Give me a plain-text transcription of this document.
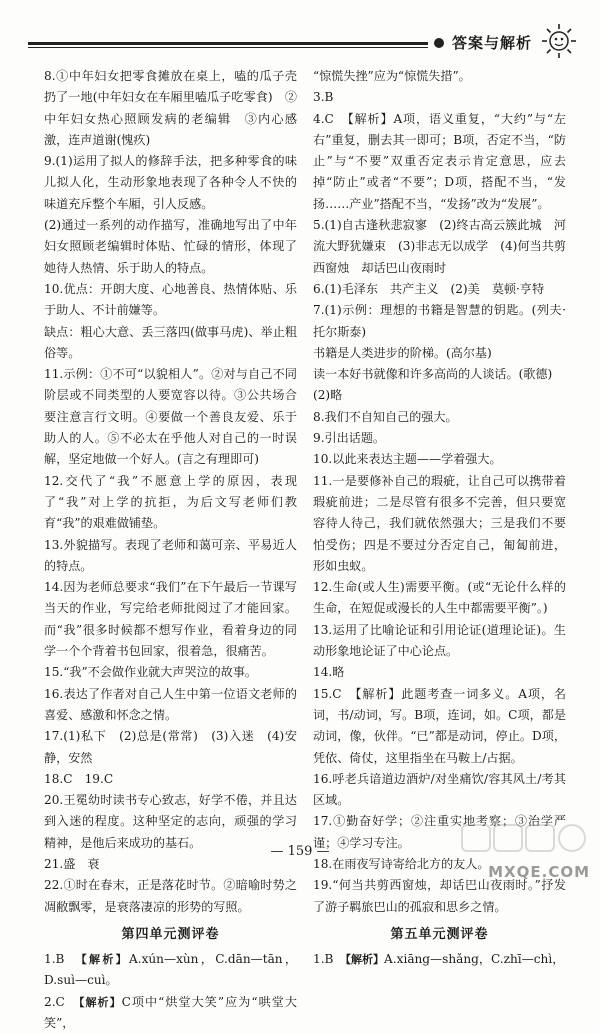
答案与解析

8.①中年妇女把零食摊放在桌上，嗑的瓜子壳扔了一地(中年妇女在车厢里嗑瓜子吃零食)　②中年妇女热心照顾发病的老编辑　③内心感激，连声道谢(愧疚)

9.(1)运用了拟人的修辞手法，把多种零食的味儿拟人化，生动形象地表现了各种令人不快的味道充斥整个车厢，引人反感。

(2)通过一系列的动作描写，准确地写出了中年妇女照顾老编辑时体贴、忙碌的情形，体现了她待人热情、乐于助人的特点。

10.优点：开朗大度、心地善良、热情体贴、乐于助人、不计前嫌等。

缺点：粗心大意、丢三落四(做事马虎)、举止粗俗等。

11.示例：①不可“以貌相人”。②对与自己不同阶层或不同类型的人要宽容以待。③公共场合要注意言行文明。④要做一个善良友爱、乐于助人的人。⑤不必太在乎他人对自己的一时误解，坚定地做一个好人。(言之有理即可)

12.交代了“我”不愿意上学的原因，表现了“我”对上学的抗拒，为后文写老师们教育“我”的艰难做铺垫。

13.外貌描写。表现了老师和蔼可亲、平易近人的特点。

14.因为老师总要求“我们”在下午最后一节课写当天的作业，写完给老师批阅过了才能回家。而“我”很多时候都不想写作业，看着身边的同学一个个背着书包回家，很着急，很痛苦。

15.“我”不会做作业就大声哭泣的故事。

16.表达了作者对自己人生中第一位语文老师的喜爱、感激和怀念之情。

17.(1)私下　(2)总是(常常)　(3)入迷　(4)安静，安然

18.C　19.C

20.王冕幼时读书专心致志，好学不倦，并且达到入迷的程度。这种坚定的志向，顽强的学习精神，是他后来成功的基石。

21.盛　衰

22.①时在春末，正是落花时节。②暗喻时势之凋敝飘零，是衰落凄凉的形势的写照。

第四单元测评卷

1.B　 【解析】A.xún—xùn，C.dān—tān，D.suì—cuì。

2.C　 【解析】C项中“烘堂大笑”应为“哄堂大笑”，

“惊慌失挫”应为“惊慌失措”。

3.B

4.C　【解析】A项，语义重复，“大约”与“左右”重复，删去其一即可；B项，否定不当，“防止”与“不要”双重否定表示肯定意思，应去掉“防止”或者“不要”；D项，搭配不当，“发扬……产业”搭配不当，“发扬”改为“发展”。

5.(1)自古逢秋悲寂寥　(2)终古高云簇此城　河流大野犹嫌束　(3)非志无以成学　(4)何当共剪西窗烛　却话巴山夜雨时

6.(1)毛泽东　共产主义　(2)美　莫顿·亨特

7.(1)示例：理想的书籍是智慧的钥匙。(列夫·托尔斯泰)

书籍是人类进步的阶梯。(高尔基)

读一本好书就像和许多高尚的人谈话。(歌德)

(2)略

8.我们不自知自己的强大。

9.引出话题。

10.以此来表达主题——学着强大。

11.一是要修补自己的瑕疵，让自己可以携带着瑕疵前进；二是尽管有很多不完善，但只要宽容待人待己，我们就依然强大；三是我们不要怕受伤；四是不要过分否定自己，匍匐前进，形如虫蚁。

12.生命(或人生)需要平衡。(或“无论什么样的生命，在短促或漫长的人生中都需要平衡”。)

13.运用了比喻论证和引用论证(道理论证)。生动形象地论证了中心论点。

14.略

15.C　【解析】此题考查一词多义。A项，名词，书/动词，写。B项，连词，如。C项，都是动词，像，伙伴。“已”都是动词，停止。D项，凭依、倚仗，这里指坐在马鞍上/占据。

16.呼老兵谙道边酒炉/对坐痛饮/容其风土/考其区域。

17.①勤奋好学；②注重实地考察；③治学严谨；④学习专注。

18.在雨夜写诗寄给北方的友人。

19.“何当共剪西窗烛，却话巴山夜雨时。”抒发了游子羁旅巴山的孤寂和思乡之情。

第五单元测评卷

1.B　 【解析】A.xiāng—shǎng，C.zhī—chì，

— 159 —
MXQE.COM
